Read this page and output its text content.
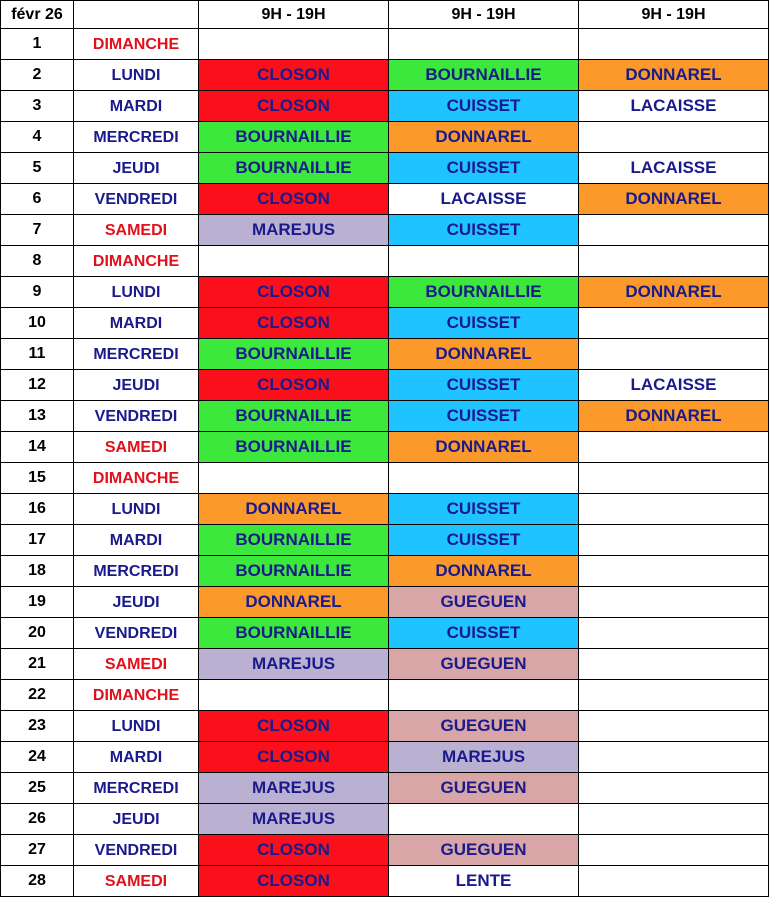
févr 26		9H - 19H	9H - 19H	9H - 19H
1	DIMANCHE			
2	LUNDI	CLOSON	BOURNAILLIE	DONNAREL
3	MARDI	CLOSON	CUISSET	LACAISSE
4	MERCREDI	BOURNAILLIE	DONNAREL	
5	JEUDI	BOURNAILLIE	CUISSET	LACAISSE
6	VENDREDI	CLOSON	LACAISSE	DONNAREL
7	SAMEDI	MAREJUS	CUISSET	
8	DIMANCHE			
9	LUNDI	CLOSON	BOURNAILLIE	DONNAREL
10	MARDI	CLOSON	CUISSET	
11	MERCREDI	BOURNAILLIE	DONNAREL	
12	JEUDI	CLOSON	CUISSET	LACAISSE
13	VENDREDI	BOURNAILLIE	CUISSET	DONNAREL
14	SAMEDI	BOURNAILLIE	DONNAREL	
15	DIMANCHE			
16	LUNDI	DONNAREL	CUISSET	
17	MARDI	BOURNAILLIE	CUISSET	
18	MERCREDI	BOURNAILLIE	DONNAREL	
19	JEUDI	DONNAREL	GUEGUEN	
20	VENDREDI	BOURNAILLIE	CUISSET	
21	SAMEDI	MAREJUS	GUEGUEN	
22	DIMANCHE			
23	LUNDI	CLOSON	GUEGUEN	
24	MARDI	CLOSON	MAREJUS	
25	MERCREDI	MAREJUS	GUEGUEN	
26	JEUDI	MAREJUS		
27	VENDREDI	CLOSON	GUEGUEN	
28	SAMEDI	CLOSON	LENTE	
